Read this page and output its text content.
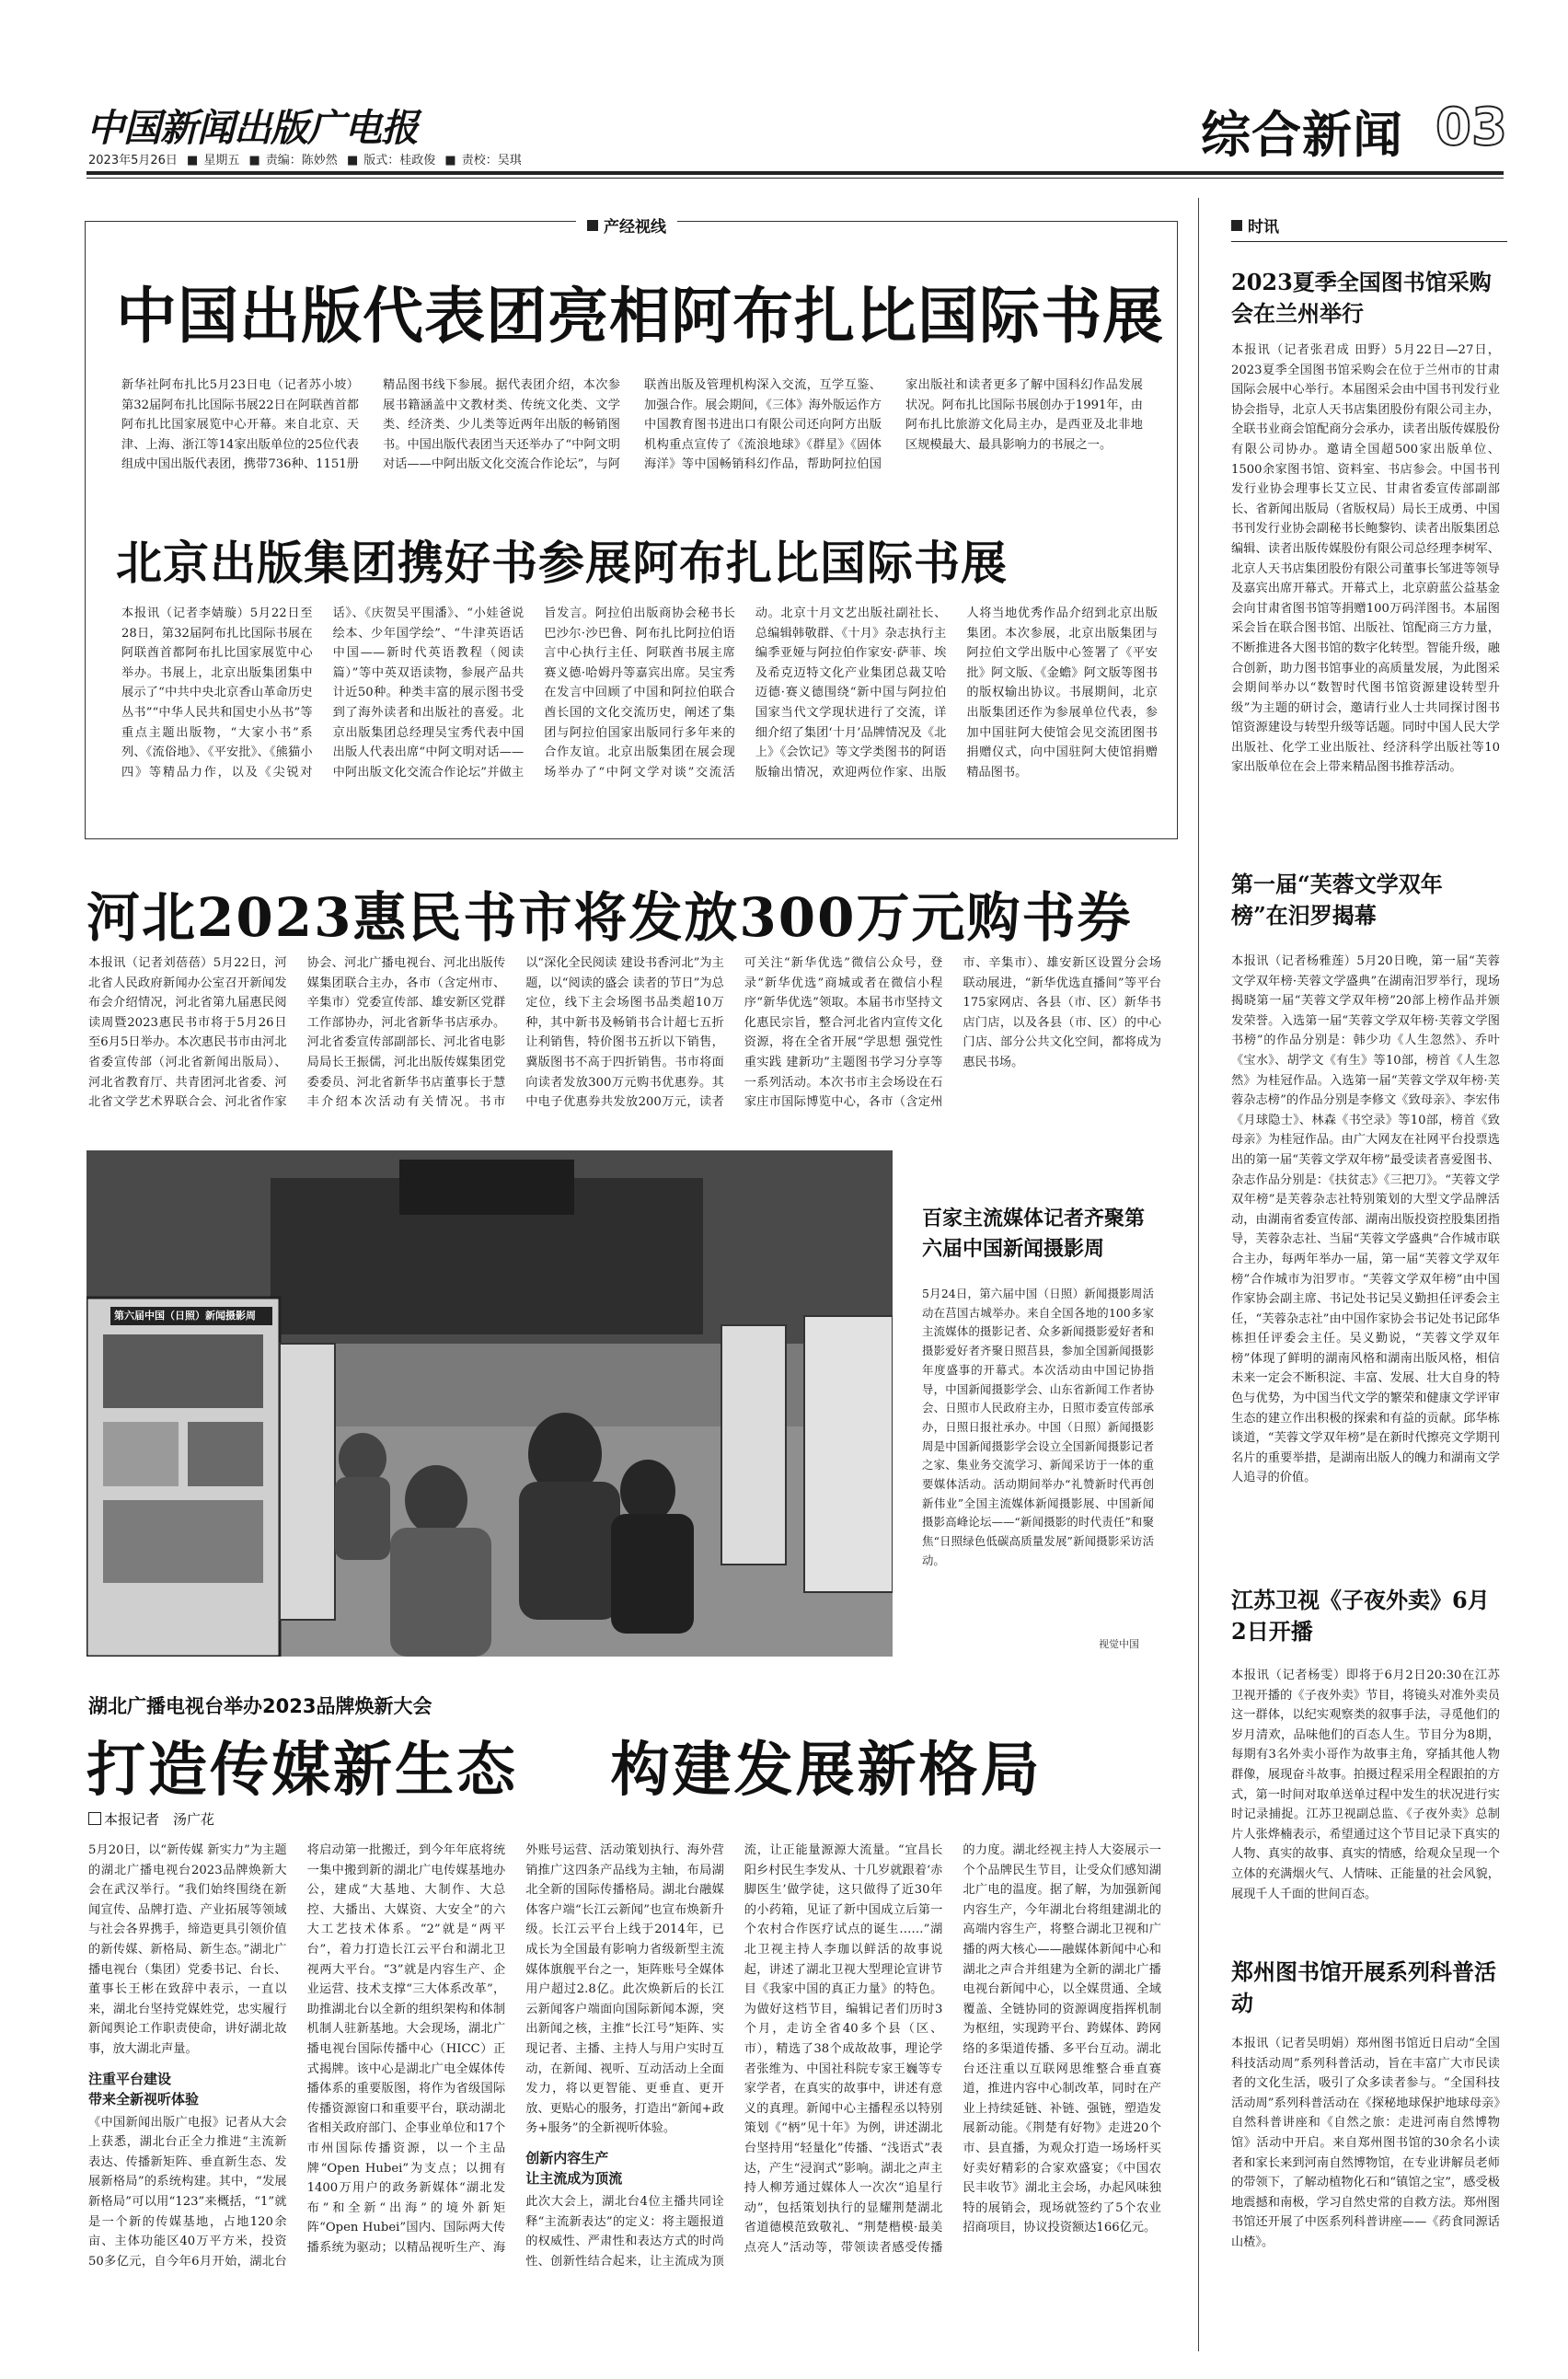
中国新闻出版广电报
2023年5月26日 ■ 星期五 ■ 责编：陈妙然 ■ 版式：桂政俊 ■ 责校：吴琪	综合新闻 03
产经视线
中国出版代表团亮相阿布扎比国际书展
新华社阿布扎比5月23日电（记者苏小坡）第32届阿布扎比国际书展22日在阿联酋首都阿布扎比国家展览中心开幕。来自北京、天津、上海、浙江等14家出版单位的25位代表组成中国出版代表团，携带736种、1151册精品图书线下参展。据代表团介绍，本次参展书籍涵盖中文教材类、传统文化类、文学类、经济类、少儿类等近两年出版的畅销图书。中国出版代表团当天还举办了“中阿文明对话——中阿出版文化交流合作论坛”，与阿联酋出版及管理机构深入交流，互学互鉴、加强合作。展会期间，《三体》海外版运作方中国教育图书进出口有限公司还向阿方出版机构重点宣传了《流浪地球》《群星》《固体海洋》等中国畅销科幻作品，帮助阿拉伯国家出版社和读者更多了解中国科幻作品发展状况。阿布扎比国际书展创办于1991年，由阿布扎比旅游文化局主办，是西亚及北非地区规模最大、最具影响力的书展之一。
北京出版集团携好书参展阿布扎比国际书展
本报讯（记者李婧璇）5月22日至28日，第32届阿布扎比国际书展在阿联酋首都阿布扎比国家展览中心举办。书展上，北京出版集团集中展示了“中共中央北京香山革命历史丛书”“中华人民共和国史小丛书”等重点主题出版物，“大家小书”系列、《流俗地》、《平安批》、《熊猫小四》等精品力作，以及《尖锐对话》、《庆贺吴平围潘》、“小娃爸说绘本、少年国学绘”、“牛津英语话中国——新时代英语教程（阅读篇）”等中英双语读物，参展产品共计近50种。种类丰富的展示图书受到了海外读者和出版社的喜爱。北京出版集团总经理吴宝秀代表中国出版人代表出席“中阿文明对话——中阿出版文化交流合作论坛”并做主旨发言。阿拉伯出版商协会秘书长巴沙尔·沙巴鲁、阿布扎比阿拉伯语言中心执行主任、阿联酋书展主席赛义德·哈姆丹等嘉宾出席。吴宝秀在发言中回顾了中国和阿拉伯联合酋长国的文化交流历史，阐述了集团与阿拉伯国家出版同行多年来的合作友谊。北京出版集团在展会现场举办了“中阿文学对谈”交流活动。北京十月文艺出版社副社长、总编辑韩敬群、《十月》杂志执行主编季亚娅与阿拉伯作家安·萨菲、埃及希克迈特文化产业集团总裁艾哈迈德·赛义德围绕“新中国与阿拉伯国家当代文学现状进行了交流，详细介绍了集团‘十月’品牌情况及《北上》《会饮记》等文学类图书的阿语版输出情况，欢迎两位作家、出版人将当地优秀作品介绍到北京出版集团。本次参展，北京出版集团与阿拉伯文学出版中心签署了《平安批》阿文版、《金蟾》阿文版等图书的版权输出协议。书展期间，北京出版集团还作为参展单位代表，参加中国驻阿大使馆会见交流团图书捐赠仪式，向中国驻阿大使馆捐赠精品图书。
河北2023惠民书市将发放300万元购书券
本报讯（记者刘蓓蓓）5月22日，河北省人民政府新闻办公室召开新闻发布会介绍情况，河北省第九届惠民阅读周暨2023惠民书市将于5月26日至6月5日举办。本次惠民书市由河北省委宣传部（河北省新闻出版局）、河北省教育厅、共青团河北省委、河北省文学艺术界联合会、河北省作家协会、河北广播电视台、河北出版传媒集团联合主办，各市（含定州市、辛集市）党委宣传部、雄安新区党群工作部协办，河北省新华书店承办。河北省委宣传部副部长、河北省电影局局长王振儒，河北出版传媒集团党委委员、河北省新华书店董事长于慧丰介绍本次活动有关情况。书市以“深化全民阅读 建设书香河北”为主题，以“阅读的盛会 读者的节日”为总定位，线下主会场图书品类超10万种，其中新书及畅销书合计超七五折让利销售，特价图书五折以下销售，冀版图书不高于四折销售。书市将面向读者发放300万元购书优惠券。其中电子优惠券共发放200万元，读者可关注“新华优选”微信公众号，登录“新华优选”商城或者在微信小程序“新华优选”领取。本届书市坚持文化惠民宗旨，整合河北省内宣传文化资源，将在全省开展“学思想 强党性 重实践 建新功”主题图书学习分享等一系列活动。本次书市主会场设在石家庄市国际博览中心，各市（含定州市、辛集市）、雄安新区设置分会场联动展进，“新华优选直播间”等平台175家网店、各县（市、区）新华书店门店，以及各县（市、区）的中心门店、部分公共文化空间，都将成为惠民书场。
第六届中国（日照）新闻摄影周
百家主流媒体记者齐聚第六届中国新闻摄影周
5月24日，第六届中国（日照）新闻摄影周活动在莒国古城举办。来自全国各地的100多家主流媒体的摄影记者、众多新闻摄影爱好者和摄影爱好者齐聚日照莒县，参加全国新闻摄影年度盛事的开幕式。本次活动由中国记协指导，中国新闻摄影学会、山东省新闻工作者协会、日照市人民政府主办，日照市委宣传部承办，日照日报社承办。中国（日照）新闻摄影周是中国新闻摄影学会设立全国新闻摄影记者之家、集业务交流学习、新闻采访于一体的重要媒体活动。活动期间举办“礼赞新时代再创新伟业”全国主流媒体新闻摄影展、中国新闻摄影高峰论坛——“新闻摄影的时代责任”和聚焦“日照绿色低碳高质量发展”新闻摄影采访活动。
视觉中国
湖北广播电视台举办2023品牌焕新大会
打造传媒新生态 构建发展新格局
本报记者　汤广花
5月20日，以“新传媒 新实力”为主题的湖北广播电视台2023品牌焕新大会在武汉举行。“我们始终围绕在新闻宣传、品牌打造、产业拓展等领域与社会各界携手，缔造更具引领价值的新传媒、新格局、新生态。”湖北广播电视台（集团）党委书记、台长、董事长王彬在致辞中表示，一直以来，湖北台坚持党媒姓党，忠实履行新闻舆论工作职责使命，讲好湖北故事，放大湖北声量。
注重平台建设
带来全新视听体验
《中国新闻出版广电报》记者从大会上获悉，湖北台正全力推进“主流新表达、传播新矩阵、垂直新生态、发展新格局”的系统构建。其中，“发展新格局”可以用“123”来概括，“1”就是一个新的传媒基地，占地120余亩、主体功能区40万平方米，投资50多亿元，自今年6月开始，湖北台将启动第一批搬迁，到今年年底将统一集中搬到新的湖北广电传媒基地办公，建成“大基地、大制作、大总控、大播出、大媒资、大安全”的六大工艺技术体系。“2”就是“两平台”，着力打造长江云平台和湖北卫视两大平台。“3”就是内容生产、企业运营、技术支撑“三大体系改革”，助推湖北台以全新的组织架构和体制机制人驻新基地。大会现场，湖北广播电视台国际传播中心（HICC）正式揭牌。该中心是湖北广电全媒体传播体系的重要版图，将作为省级国际传播资源窗口和重要平台，联动湖北省相关政府部门、企事业单位和17个市州国际传播资源，以一个主品牌“Open Hubei”为支点；以拥有1400万用户的政务新媒体“湖北发布”和全新“出海”的境外新矩阵“Open Hubei”国内、国际两大传播系统为驱动；以精品视听生产、海外账号运营、活动策划执行、海外营销推广这四条产品线为主轴，布局湖北全新的国际传播格局。湖北台融媒体客户端“长江云新闻”也宣布焕新升级。长江云平台上线于2014年，已成长为全国最有影响力省级新型主流媒体旗舰平台之一，矩阵账号全媒体用户超过2.8亿。此次焕新后的长江云新闻客户端面向国际新闻本源，突出新闻之核，主推“长江号”矩阵、实现记者、主播、主持人与用户实时互动，在新闻、视听、互动活动上全面发力，将以更智能、更垂直、更开放、更贴心的服务，打造出“新闻+政务+服务”的全新视听体验。
创新内容生产
让主流成为顶流
此次大会上，湖北台4位主播共同诠释“主流新表达”的定义：将主题报道的权威性、严肃性和表达方式的时尚性、创新性结合起来，让主流成为顶流，让正能量源源大流量。“宜昌长阳乡村民生李发从、十几岁就跟着‘赤脚医生’做学徒，这只做得了近30年的小药箱，见证了新中国成立后第一个农村合作医疗试点的诞生……”湖北卫视主持人李珈以鲜活的故事说起，讲述了湖北卫视大型理论宣讲节目《我家中国的真正力量》的特色。为做好这档节目，编辑记者们历时3个月，走访全省40多个县（区、市），精选了38个成故故事，理论学者张维为、中国社科院专家王巍等专家学者，在真实的故事中，讲述有意义的真理。新闻中心主播程丞以特别策划《“柄”见十年》为例，讲述湖北台坚持用“轻量化”传播、“浅语式”表达，产生“浸润式”影响。湖北之声主持人柳芳通过媒体人一次次“追星行动”，包括策划执行的显耀荆楚湖北省道德模范致敬礼、“荆楚楷模·最美点亮人”活动等，带领读者感受传播的力度。湖北经视主持人大姿展示一个个品牌民生节目，让受众们感知湖北广电的温度。据了解，为加强新闻内容生产，今年湖北台将组建湖北的高端内容生产，将整合湖北卫视和广播的两大核心——融媒体新闻中心和湖北之声合并组建为全新的湖北广播电视台新闻中心，以全媒贯通、全域覆盖、全链协同的资源调度指挥机制为枢纽，实现跨平台、跨媒体、跨网络的多渠道传播、多平台互动。湖北台还注重以互联网思维整合垂直赛道，推进内容中心制改革，同时在产业上持续延链、补链、强链，塑造发展新动能。《荆楚有好物》走进20个市、县直播，为观众打造一场场杆买好卖好精彩的合家欢盛宴；《中国农民丰收节》湖北主会场，办起风味独特的展销会，现场就签约了5个农业招商项目，协议投资额达166亿元。
时讯
2023夏季全国图书馆采购会在兰州举行
本报讯（记者张君成 田野）5月22日—27日，2023夏季全国图书馆采购会在位于兰州市的甘肃国际会展中心举行。本届图采会由中国书刊发行业协会指导，北京人天书店集团股份有限公司主办，全联书业商会馆配商分会承办，读者出版传媒股份有限公司协办。邀请全国超500家出版单位、1500余家图书馆、资料室、书店参会。中国书刊发行业协会理事长艾立民、甘肃省委宣传部副部长、省新闻出版局（省版权局）局长王成勇、中国书刊发行业协会副秘书长鲍黎钧、读者出版集团总编辑、读者出版传媒股份有限公司总经理李树军、北京人天书店集团股份有限公司董事长邹进等领导及嘉宾出席开幕式。开幕式上，北京蔚蓝公益基金会向甘肃省图书馆等捐赠100万码洋图书。本届图采会旨在联合图书馆、出版社、馆配商三方力量，不断推进各大图书馆的数字化转型。智能升级，融合创新，助力图书馆事业的高质量发展，为此图采会期间举办以“数智时代图书馆资源建设转型升级”为主题的研讨会，邀请行业人士共同探讨图书馆资源建设与转型升级等话题。同时中国人民大学出版社、化学工业出版社、经济科学出版社等10家出版单位在会上带来精品图书推荐活动。
第一届“芙蓉文学双年榜”在汨罗揭幕
本报讯（记者杨雅莲）5月20日晚，第一届“芙蓉文学双年榜·芙蓉文学盛典”在湖南汨罗举行，现场揭晓第一届“芙蓉文学双年榜”20部上榜作品并颁发荣誉。入选第一届“芙蓉文学双年榜·芙蓉文学图书榜”的作品分别是：韩少功《人生忽然》、乔叶《宝水》、胡学文《有生》等10部，榜首《人生忽然》为桂冠作品。入选第一届“芙蓉文学双年榜·芙蓉杂志榜”的作品分别是李修文《致母亲》、李宏伟《月球隐士》、林森《书空录》等10部，榜首《致母亲》为桂冠作品。由广大网友在社网平台投票选出的第一届“芙蓉文学双年榜”最受读者喜爱图书、杂志作品分别是：《扶贫志》《三把刀》。“芙蓉文学双年榜”是芙蓉杂志社特别策划的大型文学品牌活动，由湖南省委宣传部、湖南出版投资控股集团指导，芙蓉杂志社、当届“芙蓉文学盛典”合作城市联合主办，每两年举办一届，第一届“芙蓉文学双年榜”合作城市为汨罗市。“芙蓉文学双年榜”由中国作家协会副主席、书记处书记吴义勤担任评委会主任，“芙蓉杂志社”由中国作家协会书记处书记邱华栋担任评委会主任。吴义勤说，“芙蓉文学双年榜”体现了鲜明的湖南风格和湖南出版风格，相信未来一定会不断积淀、丰富、发展、壮大自身的特色与优势，为中国当代文学的繁荣和健康文学评审生态的建立作出积极的探索和有益的贡献。邱华栋谈道，“芙蓉文学双年榜”是在新时代擦亮文学期刊名片的重要举措，是湖南出版人的魄力和湖南文学人追寻的价值。
江苏卫视《子夜外卖》6月2日开播
本报讯（记者杨雯）即将于6月2日20:30在江苏卫视开播的《子夜外卖》节目，将镜头对准外卖员这一群体，以纪实观察类的叙事手法，寻觅他们的岁月清欢，品味他们的百态人生。节目分为8期，每期有3名外卖小哥作为故事主角，穿插其他人物群像，展现奋斗故事。拍摄过程采用全程跟拍的方式，第一时间对取单送单过程中发生的状况进行实时记录捕捉。江苏卫视副总监、《子夜外卖》总制片人张烨楠表示，希望通过这个节目记录下真实的人物、真实的故事、真实的情感，给观众呈现一个立体的充满烟火气、人情味、正能量的社会风貌，展现千人千面的世间百态。
郑州图书馆开展系列科普活动
本报讯（记者吴明娟）郑州图书馆近日启动“全国科技活动周”系列科普活动，旨在丰富广大市民读者的文化生活，吸引了众多读者参与。“全国科技活动周”系列科普活动在《探秘地球保护地球母亲》自然科普讲座和《自然之旅：走进河南自然博物馆》活动中开启。来自郑州图书馆的30余名小读者和家长来到河南自然博物馆，在专业讲解员老师的带领下，了解动植物化石和“镇馆之宝”，感受极地震撼和南极，学习自然史常的自救方法。郑州图书馆还开展了中医系列科普讲座——《药食同源话山楂》。
